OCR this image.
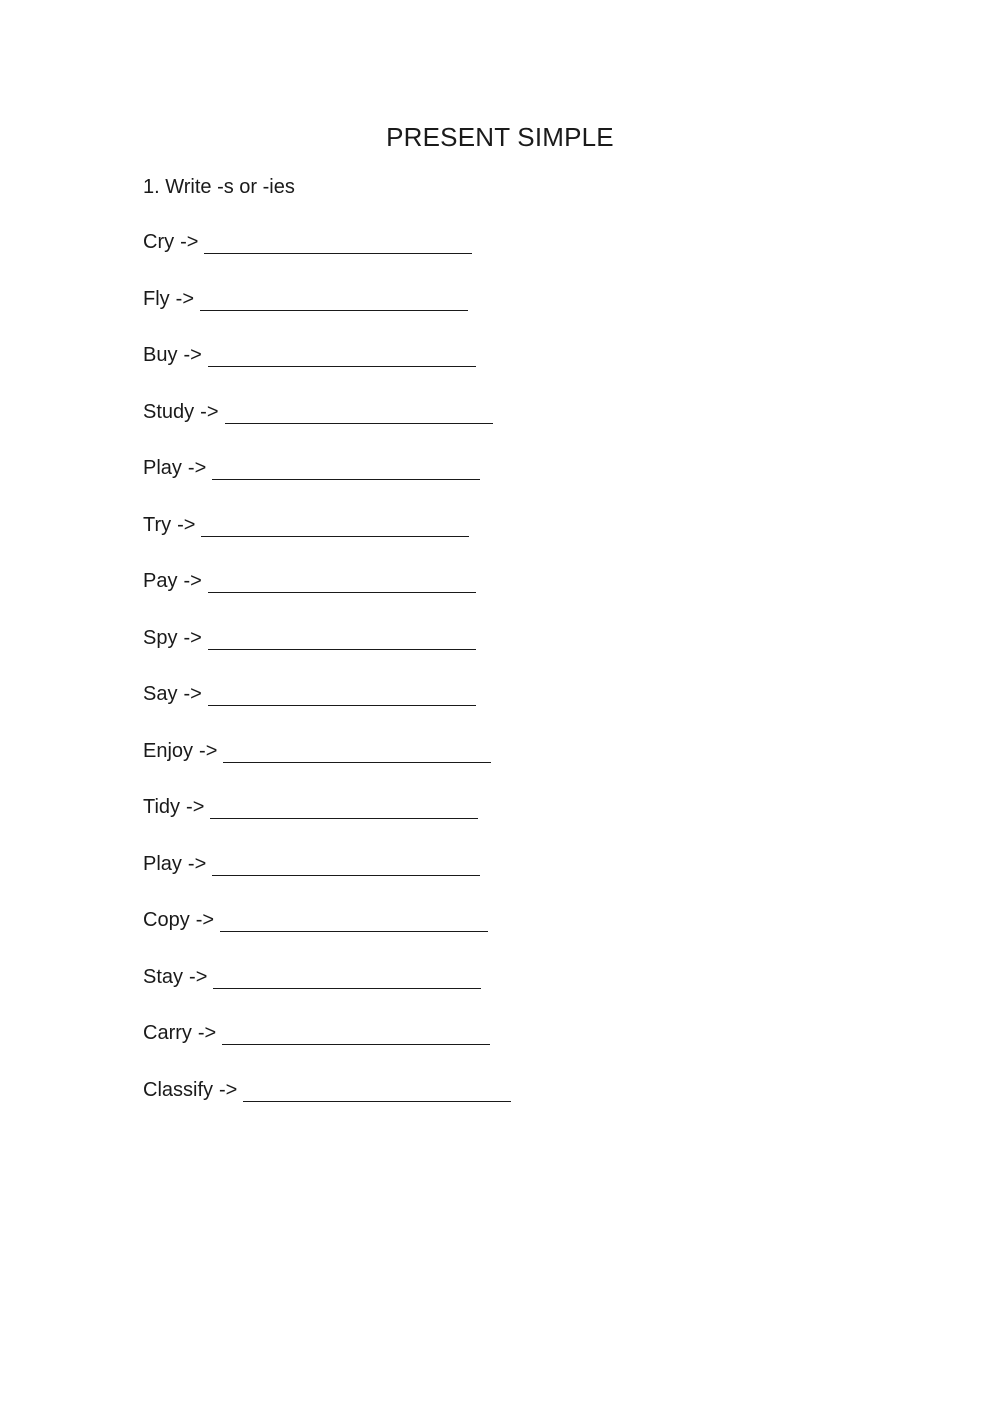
PRESENT SIMPLE

1. Write -s or -ies

Cry ->
Fly ->
Buy ->
Study ->
Play ->
Try ->
Pay ->
Spy ->
Say ->
Enjoy ->
Tidy ->
Play ->
Copy ->
Stay ->
Carry ->
Classify ->
